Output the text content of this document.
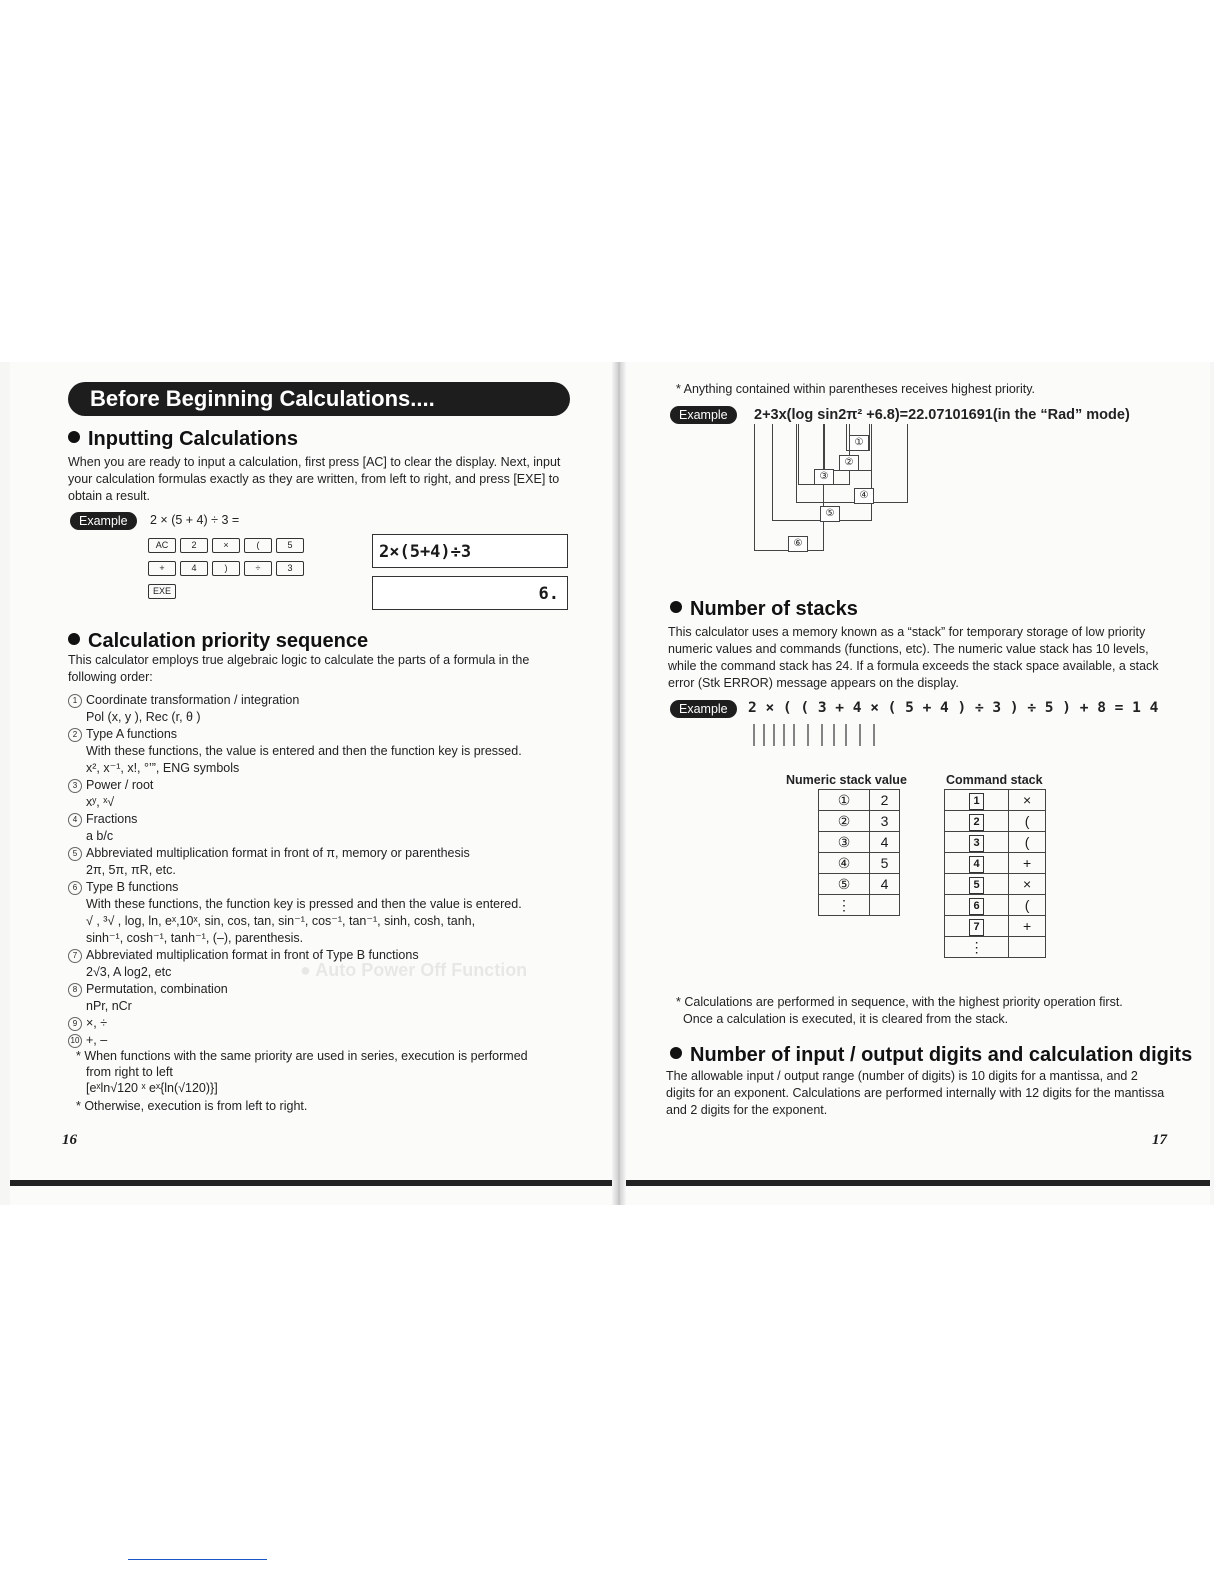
● Auto Power Off Function
Before Beginning Calculations....
Inputting Calculations
When you are ready to input a calculation, first press [AC] to clear the display. Next, input your calculation formulas exactly as they are written, from left to right, and press [EXE] to obtain a result.
Example	2 × (5 + 4) ÷ 3 =
AC	2	×	(	5
+	4	)	÷	3
EXE
2×(5+4)÷3
6.
Calculation priority sequence
This calculator employs true algebraic logic to calculate the parts of a formula in the following order:
1 Coordinate transformation / integration
Pol (x, y ), Rec (r, θ )
2 Type A functions
With these functions, the value is entered and then the function key is pressed.
x², x⁻¹, x!, °’”, ENG symbols
3 Power / root
xʸ, ˣ√
4 Fractions
a b/c
5 Abbreviated multiplication format in front of π, memory or parenthesis
2π, 5π, πR, etc.
6 Type B functions
With these functions, the function key is pressed and then the value is entered.
√ , ³√ , log, ln, eˣ,10ˣ, sin, cos, tan, sin⁻¹, cos⁻¹, tan⁻¹, sinh, cosh, tanh,
sinh⁻¹, cosh⁻¹, tanh⁻¹, (–), parenthesis.
7 Abbreviated multiplication format in front of Type B functions
2√3, A log2, etc
8 Permutation, combination
nPr, nCr
9 ×, ÷
10 +, –
* When functions with the same priority are used in series, execution is performed
from right to left
[eˣln√120 ˣ eˣ{ln(√120)}]
* Otherwise, execution is from left to right.
16
* Anything contained within parentheses receives highest priority.
Example	2+3x(log sin2π² +6.8)=22.07101691(in the “Rad” mode)
①
②
③
④
⑤
⑥
Number of stacks
This calculator uses a memory known as a “stack” for temporary storage of low priority numeric values and commands (functions, etc). The numeric value stack has 10 levels, while the command stack has 24. If a formula exceeds the stack space available, a stack error (Stk ERROR) message appears on the display.
Example	2 × ( ( 3 + 4 × ( 5 + 4 ) ÷ 3 ) ÷ 5 ) + 8 = 1 4
Numeric stack value	Command stack
①	2
②	3
③	4
④	5
⑤	4
⋮	
1	×
2	(
3	(
4	+
5	×
6	(
7	+
⋮	
* Calculations are performed in sequence, with the highest priority operation first.
Once a calculation is executed, it is cleared from the stack.
Number of input / output digits and calculation digits
The allowable input / output range (number of digits) is 10 digits for a mantissa, and 2 digits for an exponent. Calculations are performed internally with 12 digits for the mantissa and 2 digits for the exponent.
17
